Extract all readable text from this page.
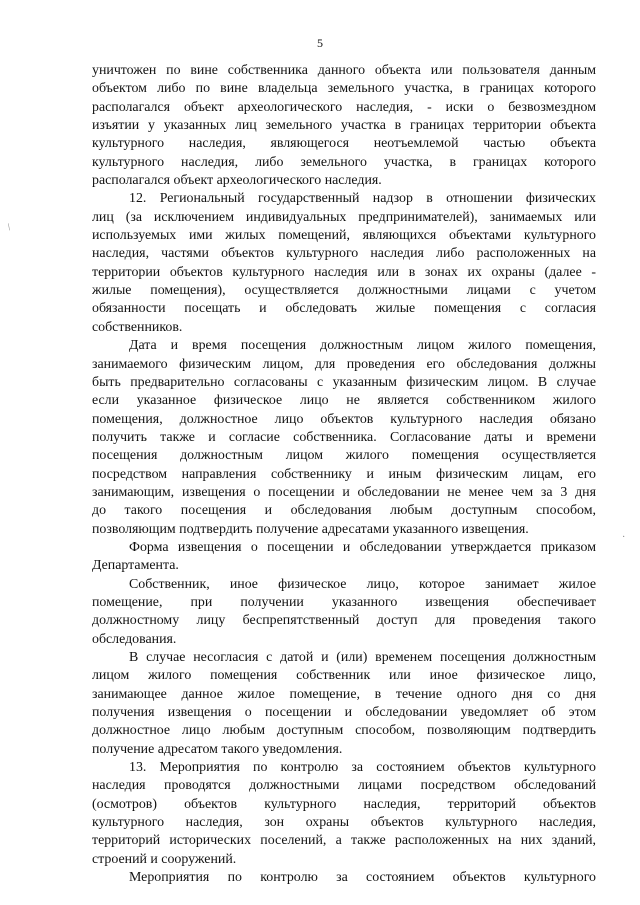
5
уничтожен по вине собственника данного объекта или пользователя данным
объектом либо по вине владельца земельного участка, в границах которого
располагался объект археологического наследия, - иски о безвозмездном
изъятии у указанных лиц земельного участка в границах территории объекта
культурного наследия, являющегося неотъемлемой частью объекта
культурного наследия, либо земельного участка, в границах которого
располагался объект археологического наследия.
12. Региональный государственный надзор в отношении физических
лиц (за исключением индивидуальных предпринимателей), занимаемых или
используемых ими жилых помещений, являющихся объектами культурного
наследия, частями объектов культурного наследия либо расположенных на
территории объектов культурного наследия или в зонах их охраны (далее -
жилые помещения), осуществляется должностными лицами с учетом
обязанности посещать и обследовать жилые помещения с согласия
собственников.
Дата и время посещения должностным лицом жилого помещения,
занимаемого физическим лицом, для проведения его обследования должны
быть предварительно согласованы с указанным физическим лицом. В случае
если указанное физическое лицо не является собственником жилого
помещения, должностное лицо объектов культурного наследия обязано
получить также и согласие собственника. Согласование даты и времени
посещения должностным лицом жилого помещения осуществляется
посредством направления собственнику и иным физическим лицам, его
занимающим, извещения о посещении и обследовании не менее чем за 3 дня
до такого посещения и обследования любым доступным способом,
позволяющим подтвердить получение адресатами указанного извещения.
Форма извещения о посещении и обследовании утверждается приказом
Департамента.
Собственник, иное физическое лицо, которое занимает жилое
помещение, при получении указанного извещения обеспечивает
должностному лицу беспрепятственный доступ для проведения такого
обследования.
В случае несогласия с датой и (или) временем посещения должностным
лицом жилого помещения собственник или иное физическое лицо,
занимающее данное жилое помещение, в течение одного дня со дня
получения извещения о посещении и обследовании уведомляет об этом
должностное лицо любым доступным способом, позволяющим подтвердить
получение адресатом такого уведомления.
13. Мероприятия по контролю за состоянием объектов культурного
наследия проводятся должностными лицами посредством обследований
(осмотров) объектов культурного наследия, территорий объектов
культурного наследия, зон охраны объектов культурного наследия,
территорий исторических поселений, а также расположенных на них зданий,
строений и сооружений.
Мероприятия по контролю за состоянием объектов культурного
/
·
